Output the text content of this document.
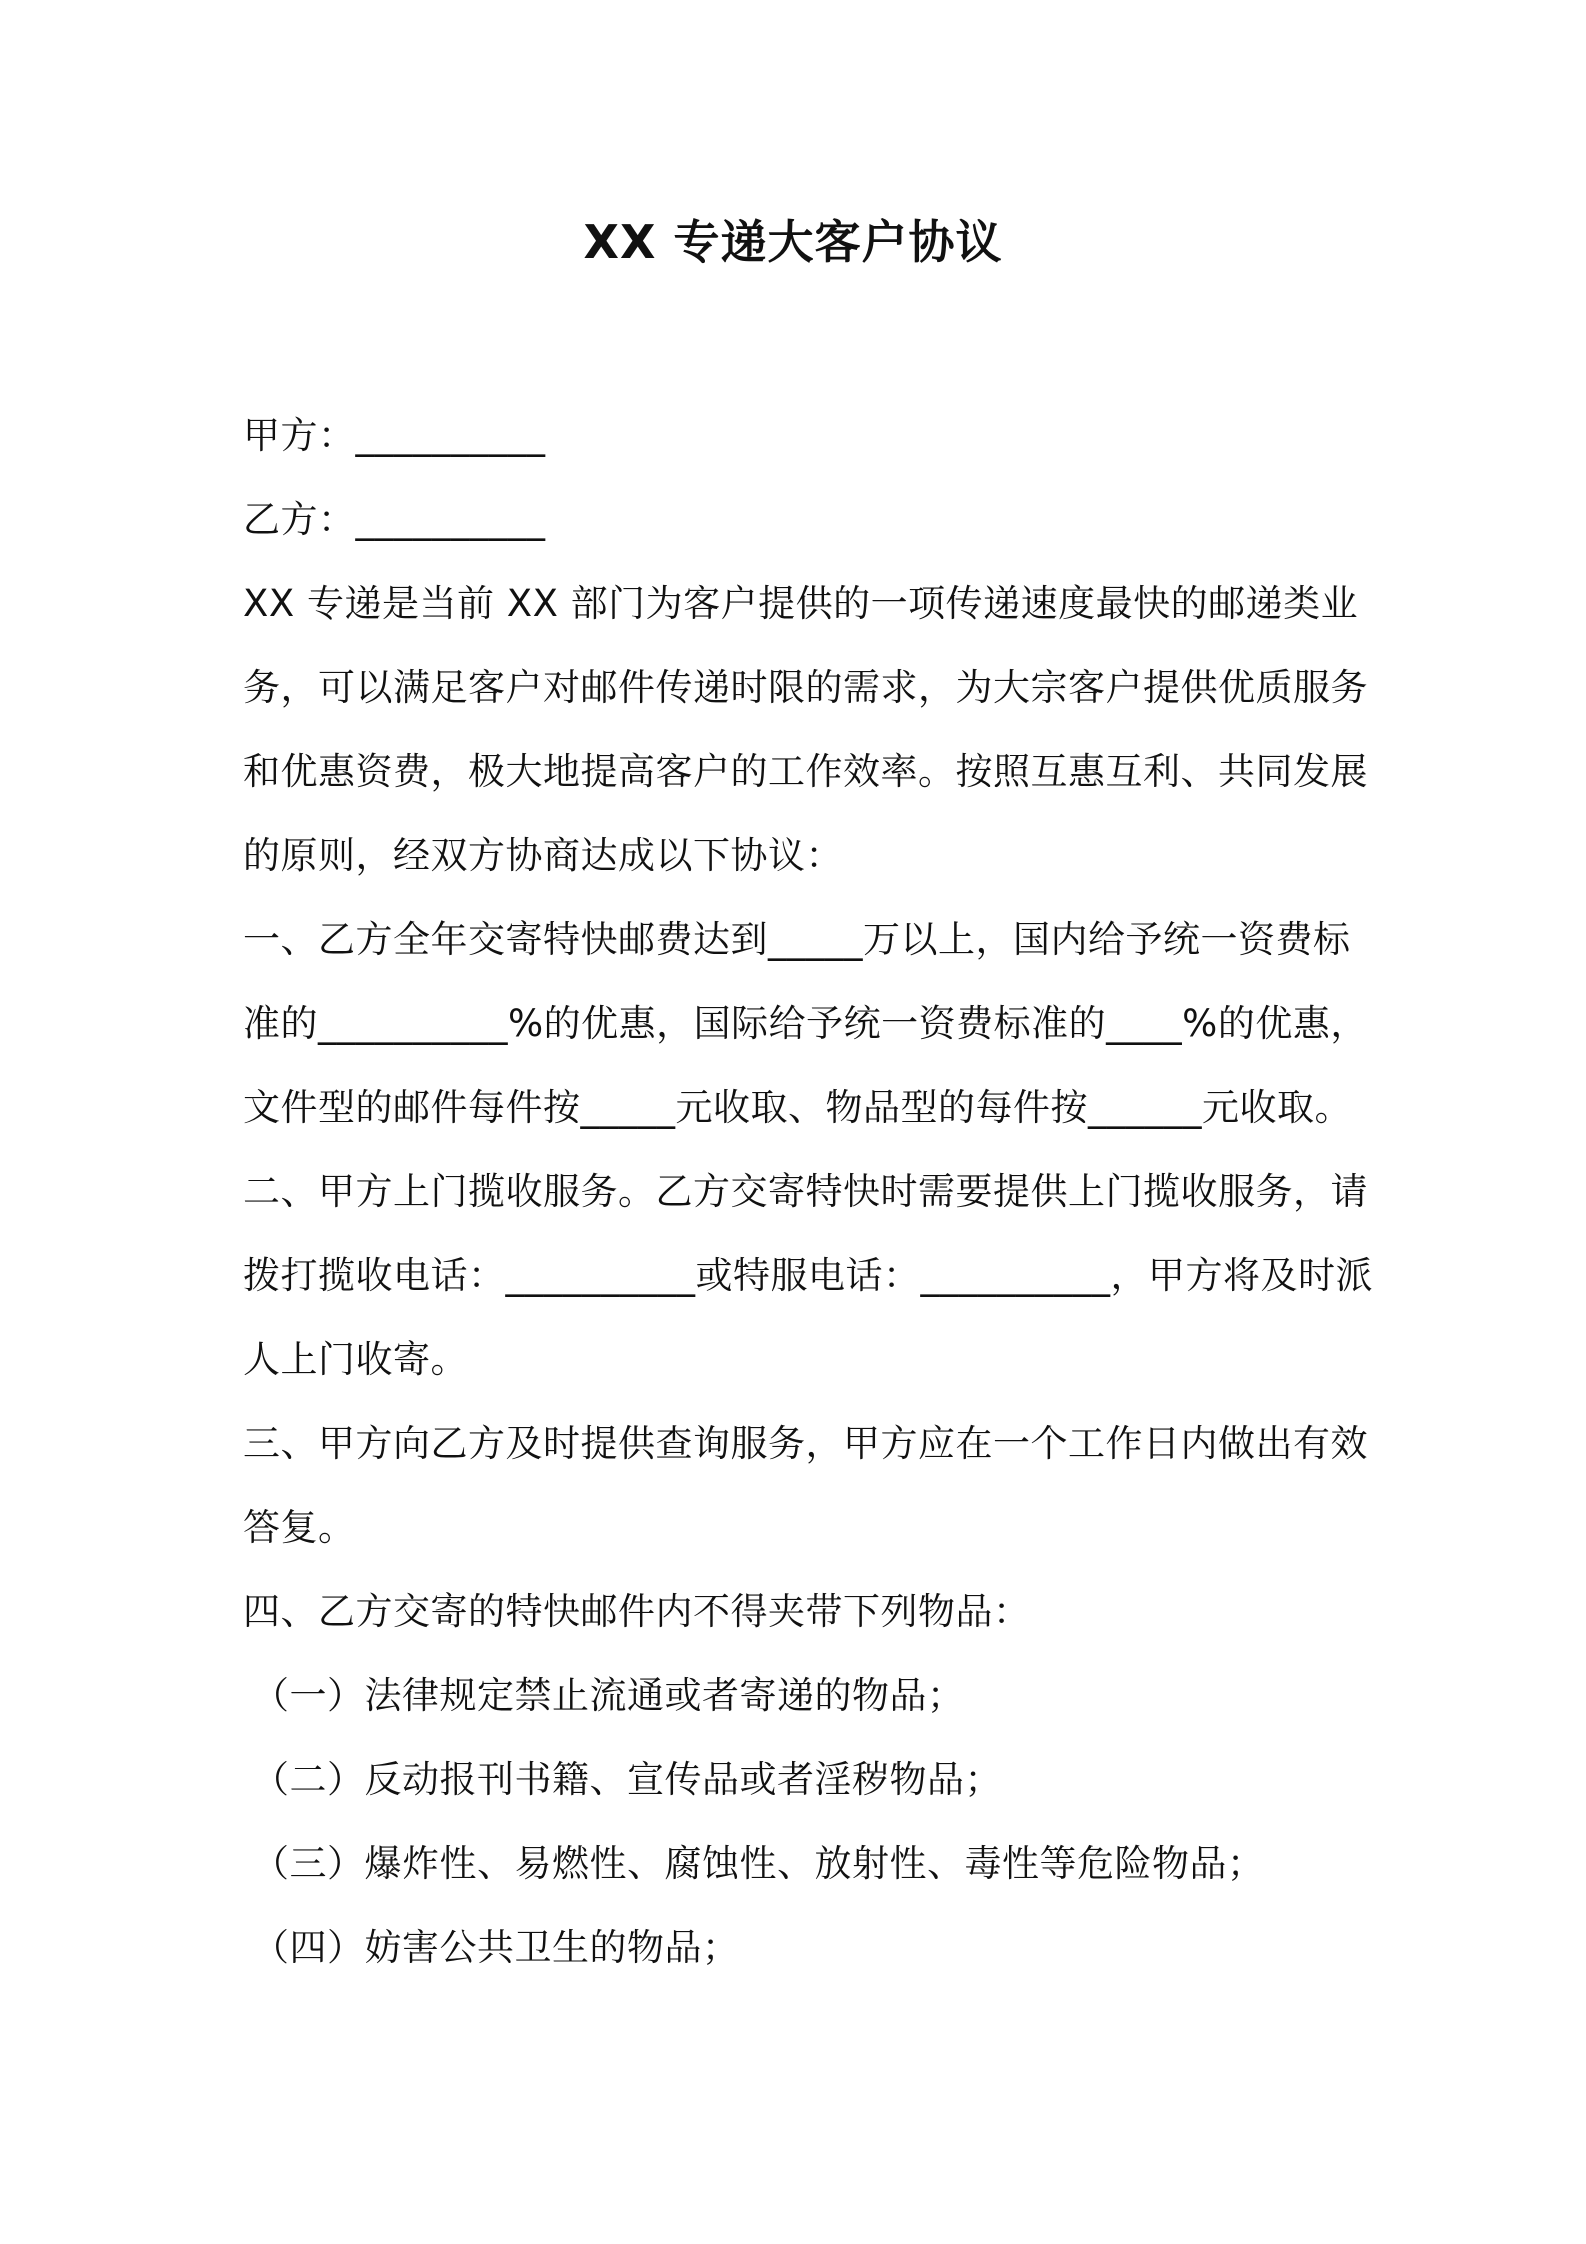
XX 专递大客户协议
甲方：__________
乙方：__________
XX 专递是当前 XX 部门为客户提供的一项传递速度最快的邮递类业
务，可以满足客户对邮件传递时限的需求，为大宗客户提供优质服务
和优惠资费，极大地提高客户的工作效率。按照互惠互利、共同发展
的原则，经双方协商达成以下协议：
一、乙方全年交寄特快邮费达到_____万以上，国内给予统一资费标
准的__________%的优惠，国际给予统一资费标准的____%的优惠，
文件型的邮件每件按_____元收取、物品型的每件按______元收取。
二、甲方上门揽收服务。乙方交寄特快时需要提供上门揽收服务，请
拨打揽收电话：__________或特服电话：__________，甲方将及时派
人上门收寄。
三、甲方向乙方及时提供查询服务，甲方应在一个工作日内做出有效
答复。
四、乙方交寄的特快邮件内不得夹带下列物品：
（一）法律规定禁止流通或者寄递的物品；
（二）反动报刊书籍、宣传品或者淫秽物品；
（三）爆炸性、易燃性、腐蚀性、放射性、毒性等危险物品；
（四）妨害公共卫生的物品；
